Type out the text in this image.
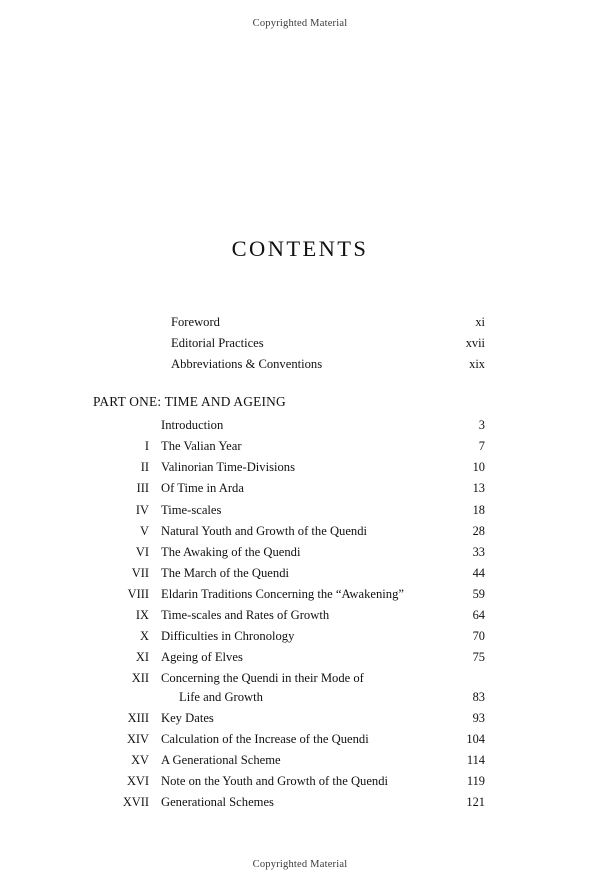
Copyrighted Material
CONTENTS
Foreword	xi
Editorial Practices	xvii
Abbreviations & Conventions	xix
PART ONE: TIME AND AGEING
Introduction	3
I The Valian Year	7
II Valinorian Time-Divisions	10
III Of Time in Arda	13
IV Time-scales	18
V Natural Youth and Growth of the Quendi	28
VI The Awaking of the Quendi	33
VII The March of the Quendi	44
VIII Eldarin Traditions Concerning the “Awakening”	59
IX Time-scales and Rates of Growth	64
X Difficulties in Chronology	70
XI Ageing of Elves	75
XII Concerning the Quendi in their Mode of
Life and Growth	83
XIII Key Dates	93
XIV Calculation of the Increase of the Quendi	104
XV A Generational Scheme	114
XVI Note on the Youth and Growth of the Quendi	119
XVII Generational Schemes	121
Copyrighted Material
